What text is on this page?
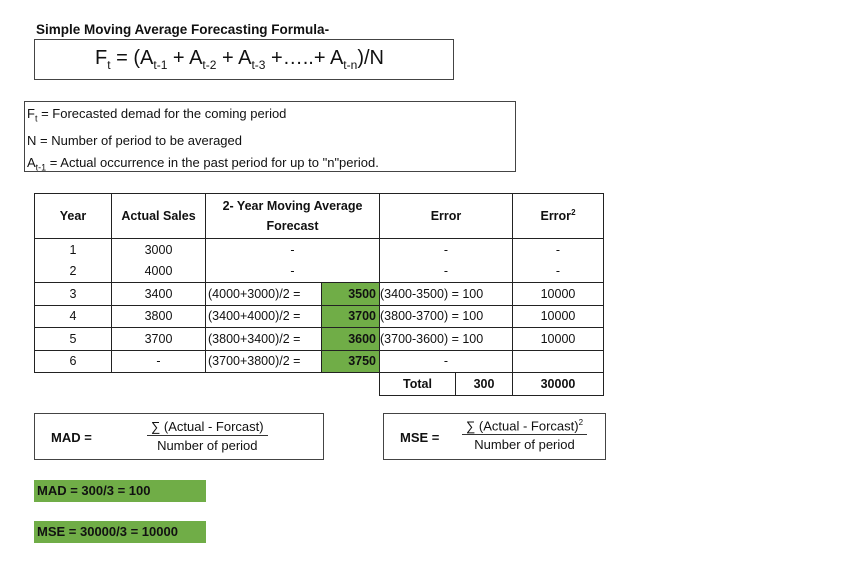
Simple Moving Average Forecasting Formula-
$F_t = (A_{t-1} + A_{t-2} + A_{t-3}$ +…..+ $A_{t-n})/N$
$F_t$ = Forecasted demad for the coming period
N = Number of period to be averaged
$A_{t-1}$ = Actual occurrence in the past period for up to "n"period.
Year	Actual Sales	2- Year Moving Average Forecast		Error		Error$^2$
1	3000	-		-		-
2	4000	-		-		-
3	3400	(4000+3000)/2 =	3500	(3400-3500) = 100		10000
4	3800	(3400+4000)/2 =	3700	(3800-3700) = 100		10000
5	3700	(3800+3400)/2 =	3600	(3700-3600) = 100		10000
6	-	(3700+3800)/2 =	3750	-		
				Total	300	30000
MAD =
∑ (Actual - Forcast)
Number of period
MSE =
∑ (Actual - Forcast)$^2$
Number of period
MAD = 300/3 = 100
MSE = 30000/3 = 10000
